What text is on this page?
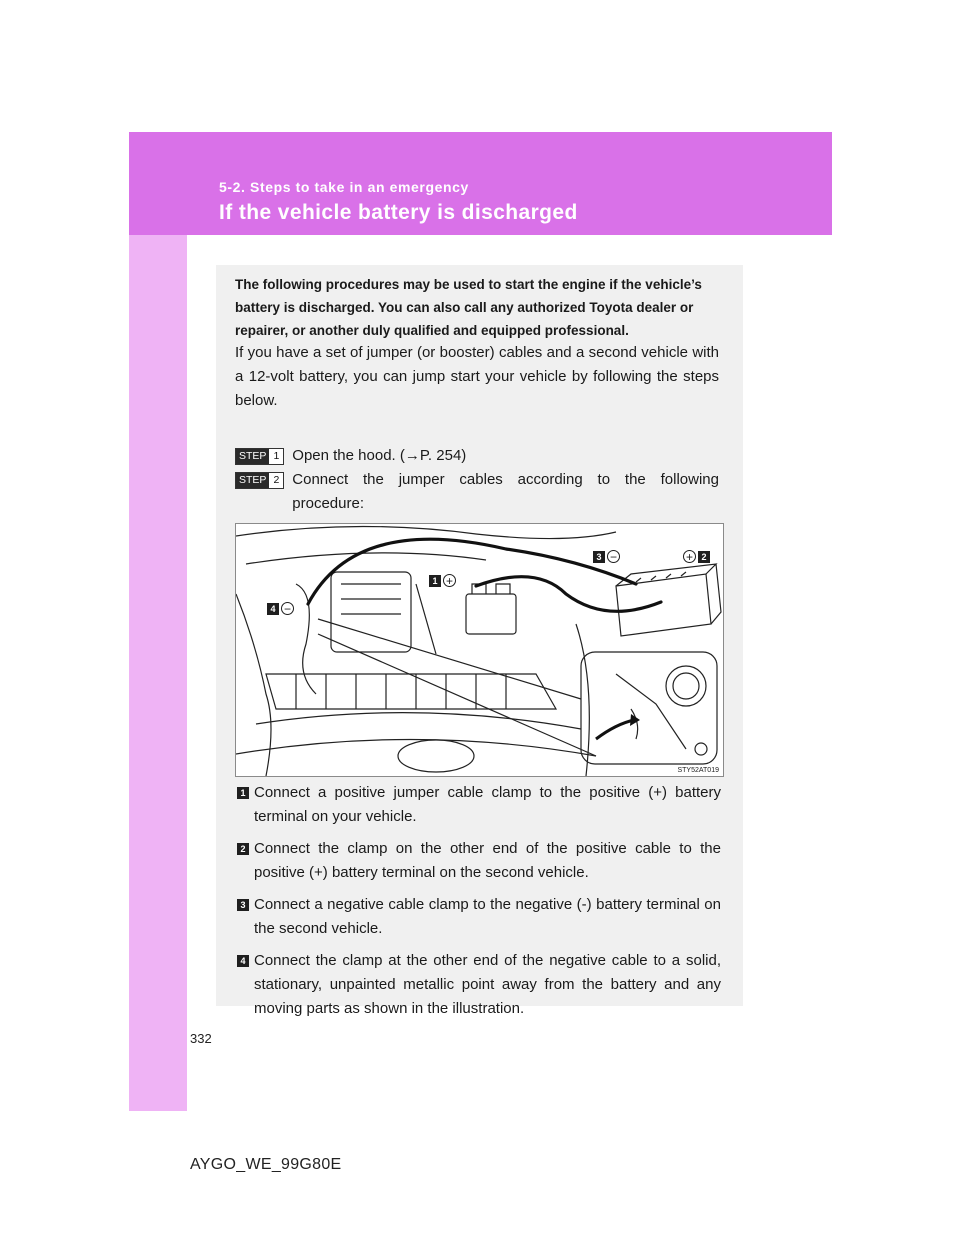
5-2. Steps to take in an emergency
If the vehicle battery is discharged

The following procedures may be used to start the engine if the vehicle’s battery is discharged. You can also call any authorized Toyota dealer or repairer, or another duly qualified and equipped professional.

If you have a set of jumper (or booster) cables and a second vehicle with a 12-volt battery, you can jump start your vehicle by following the steps below.

STEP 1 Open the hood. (→P. 254)
STEP 2 Connect the jumper cables according to the following procedure:
1 +
+ 2
3 −
4 −
STY52AT019
1 Connect a positive jumper cable clamp to the positive (+) battery terminal on your vehicle.
2 Connect the clamp on the other end of the positive cable to the positive (+) battery terminal on the second vehicle.
3 Connect a negative cable clamp to the negative (-) battery terminal on the second vehicle.
4 Connect the clamp at the other end of the negative cable to a solid, stationary, unpainted metallic point away from the battery and any moving parts as shown in the illustration.
332
AYGO_WE_99G80E
